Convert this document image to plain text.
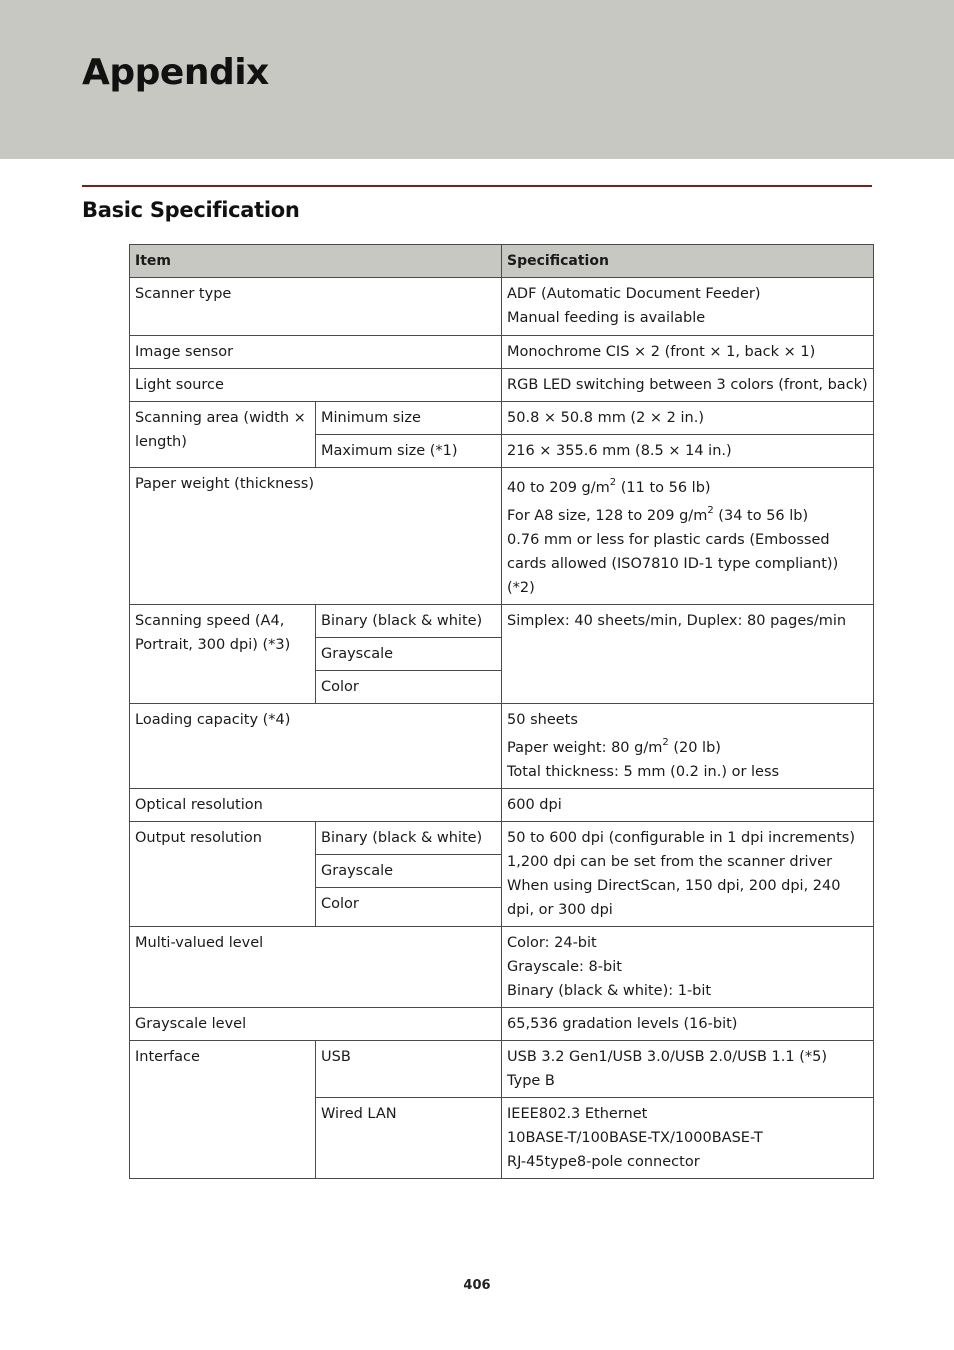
Appendix
Basic Specification
Item		Specification
Scanner type		ADF (Automatic Document Feeder)
Manual feeding is available

Image sensor		Monochrome CIS × 2 (front × 1, back × 1)
Light source		RGB LED switching between 3 colors (front, back)
Scanning area (width × length)	Minimum size	50.8 × 50.8 mm (2 × 2 in.)
	Maximum size (*1)	216 × 355.6 mm (8.5 × 14 in.)
Paper weight (thickness)		40 to 209 $g/m^2$ (11 to 56 lb)
For A8 size, 128 to 209 $g/m^2$ (34 to 56 lb)
0.76 mm or less for plastic cards (Embossed cards allowed (ISO7810 ID-1 type compliant)) (*2)

Scanning speed (A4, Portrait, 300 dpi) (*3)	Binary (black & white)	Simplex: 40 sheets/min, Duplex: 80 pages/min
	Grayscale	
	Color	
Loading capacity (*4)		50 sheets
Paper weight: 80 $g/m^2$ (20 lb)
Total thickness: 5 mm (0.2 in.) or less

Optical resolution		600 dpi
Output resolution	Binary (black & white)	50 to 600 dpi (configurable in 1 dpi increments)
1,200 dpi can be set from the scanner driver
When using DirectScan, 150 dpi, 200 dpi, 240 dpi, or 300 dpi

	Grayscale	
	Color	
Multi-valued level		Color: 24-bit
Grayscale: 8-bit
Binary (black & white): 1-bit

Grayscale level		65,536 gradation levels (16-bit)
Interface	USB	USB 3.2 Gen1/USB 3.0/USB 2.0/USB 1.1 (*5)
Type B

	Wired LAN	IEEE802.3 Ethernet
10BASE-T/100BASE-TX/1000BASE-T
RJ-45type8-pole connector
406
